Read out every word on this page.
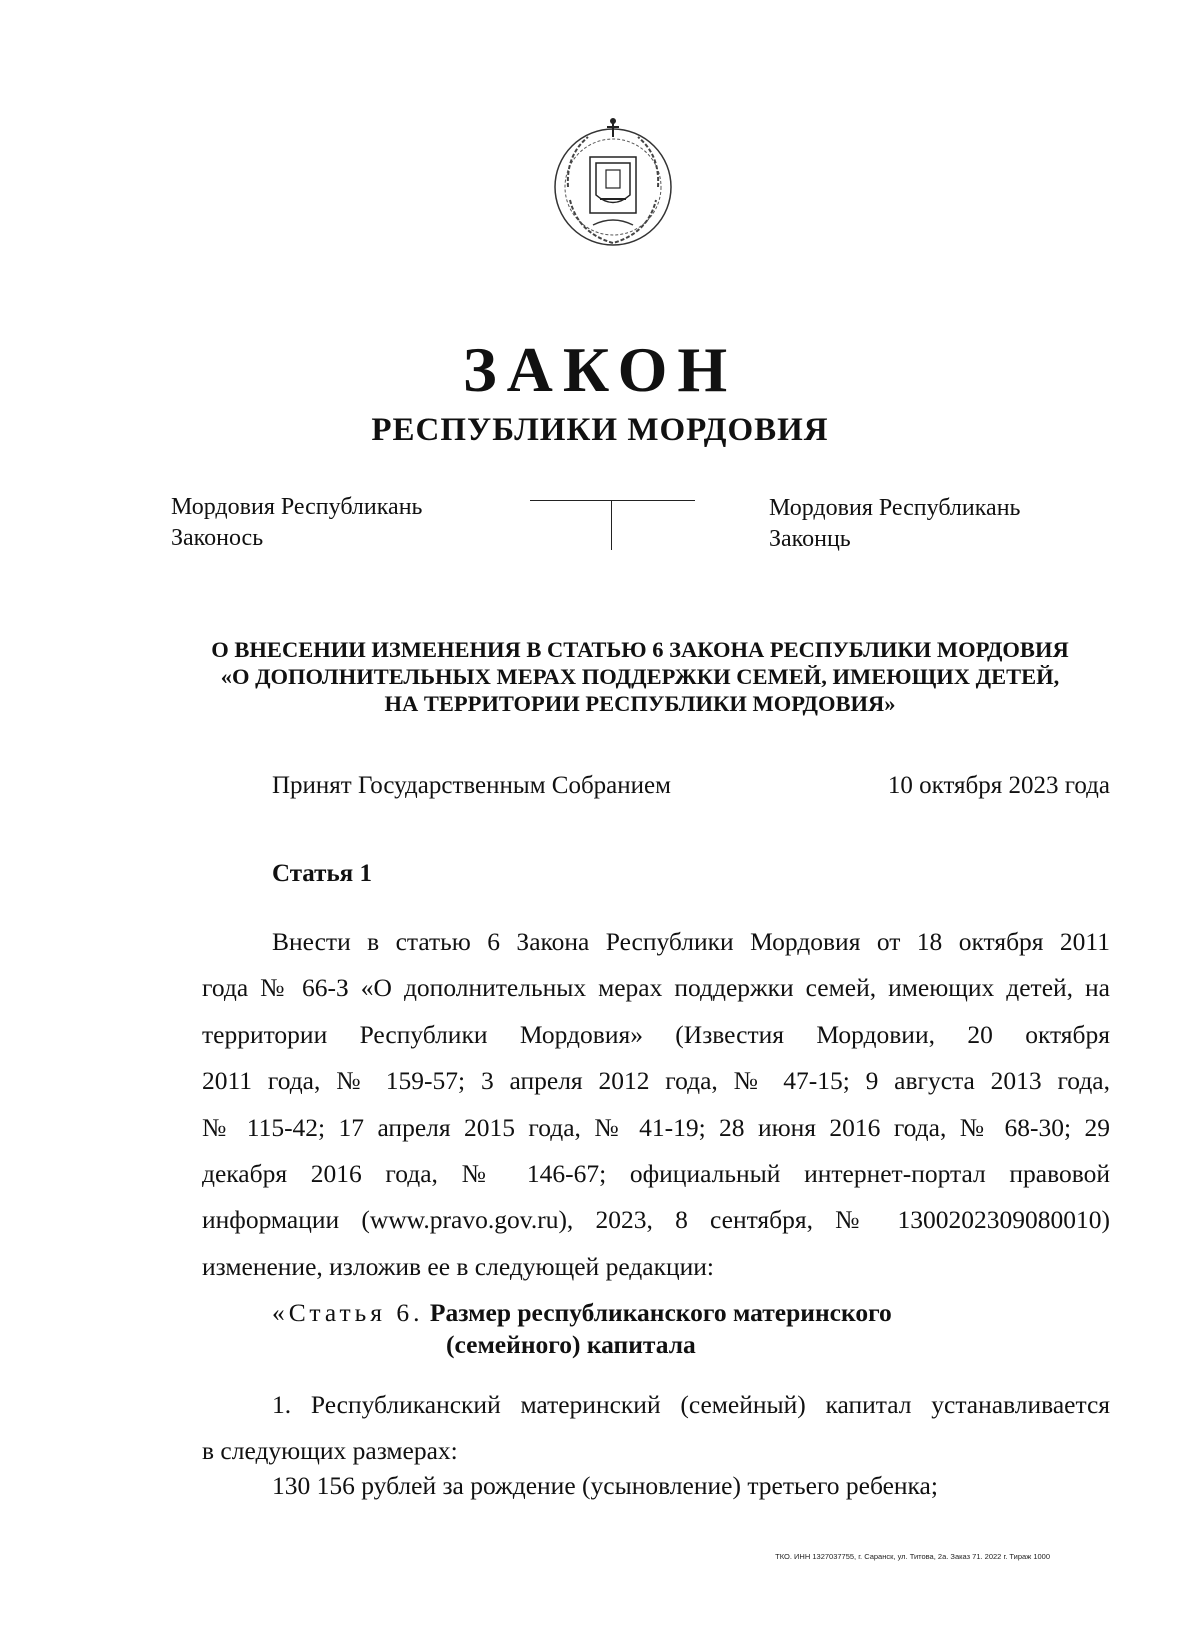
ЗАКОН
РЕСПУБЛИКИ МОРДОВИЯ
Мордовия Республикань
Законось
Мордовия Республикань
Законць
О ВНЕСЕНИИ ИЗМЕНЕНИЯ В СТАТЬЮ 6 ЗАКОНА РЕСПУБЛИКИ МОРДОВИЯ
«О ДОПОЛНИТЕЛЬНЫХ МЕРАХ ПОДДЕРЖКИ СЕМЕЙ, ИМЕЮЩИХ ДЕТЕЙ,
НА ТЕРРИТОРИИ РЕСПУБЛИКИ МОРДОВИЯ»
Принят Государственным Собранием	10 октября 2023 года
Статья 1
Внести в статью 6 Закона Республики Мордовия от 18 октября 2011
года № 66-З «О дополнительных мерах поддержки семей, имеющих детей, на
территории Республики Мордовия» (Известия Мордовии, 20 октября
2011 года, № 159-57; 3 апреля 2012 года, № 47-15; 9 августа 2013 года,
№ 115-42; 17 апреля 2015 года, № 41-19; 28 июня 2016 года, № 68-30; 29
декабря 2016 года, № 146-67; официальный интернет-портал правовой
информации (www.pravo.gov.ru), 2023, 8 сентября, № 1300202309080010)
изменение, изложив ее в следующей редакции:
«Статья 6. Размер республиканского материнского
(семейного) капитала
1. Республиканский материнский (семейный) капитал устанавливается
в следующих размерах:
130 156 рублей за рождение (усыновление) третьего ребенка;
ТКО. ИНН 1327037755, г. Саранск, ул. Титова, 2а. Заказ 71. 2022 г. Тираж 1000
